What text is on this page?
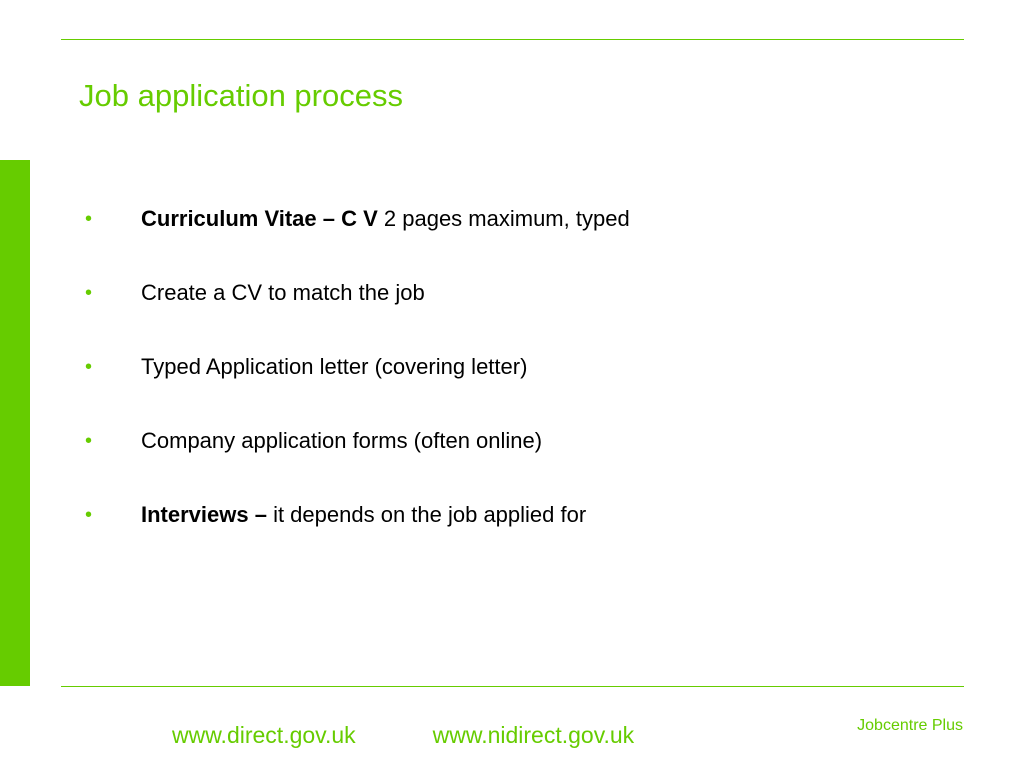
Job application process
•	Curriculum Vitae – C V 2 pages maximum, typed
•	Create a CV to match the job
•	Typed Application letter (covering letter)
•	Company application forms (often online)
•	Interviews – it depends on the job applied for
www.direct.gov.uk	www.nidirect.gov.uk	Jobcentre Plus
